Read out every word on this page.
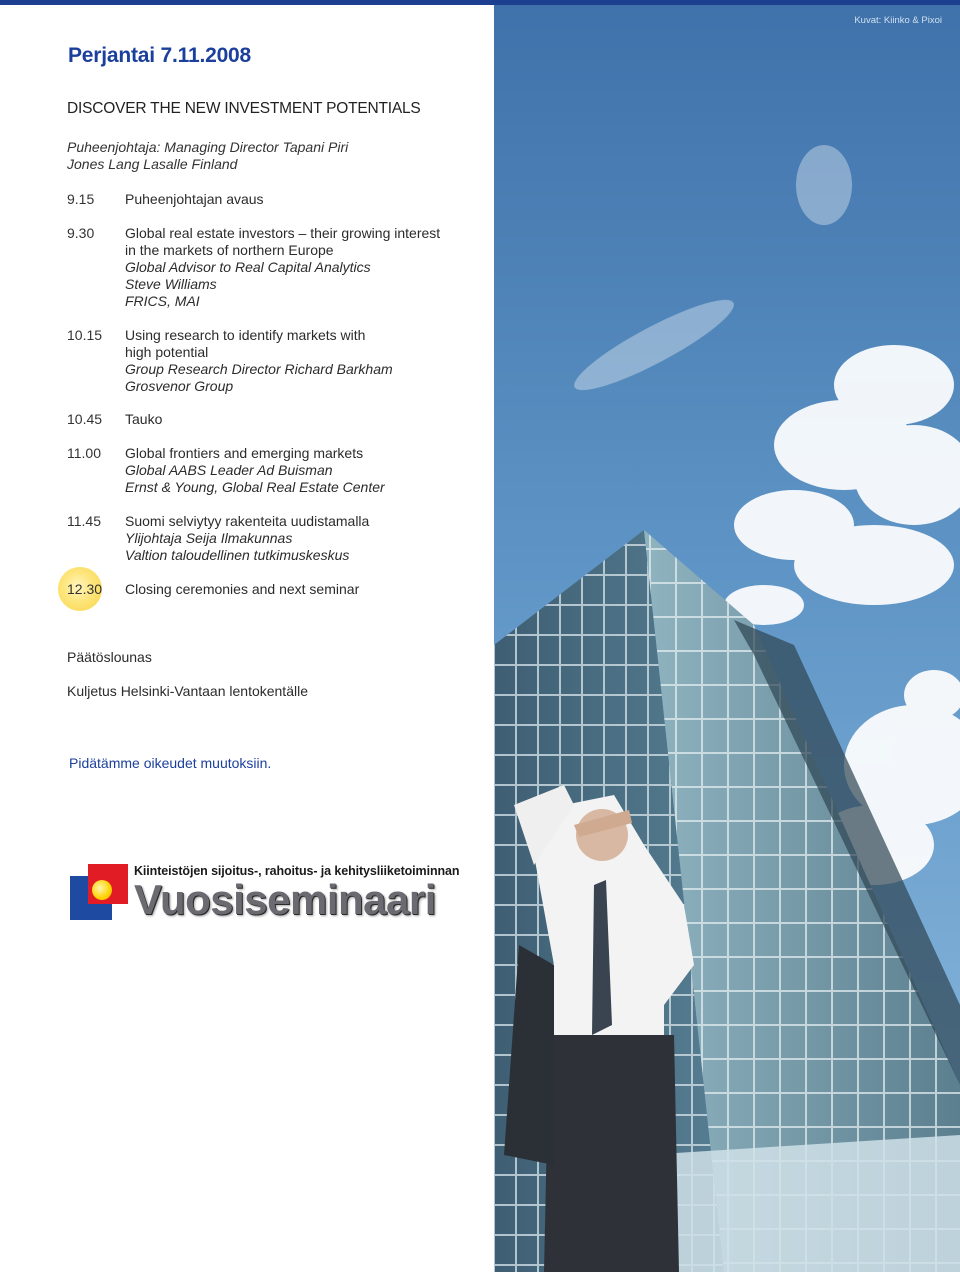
Perjantai 7.11.2008
DISCOVER THE NEW INVESTMENT POTENTIALS
Puheenjohtaja: Managing Director Tapani Piri
Jones Lang Lasalle Finland
9.15	Puheenjohtajan avaus
9.30	Global real estate investors – their growing interest
in the markets of northern Europe
Global Advisor to Real Capital Analytics
Steve Williams
FRICS, MAI
10.15	Using research to identify markets with
high potential
Group Research Director Richard Barkham
Grosvenor Group
10.45	Tauko
11.00	Global frontiers and emerging markets
Global AABS Leader Ad Buisman
Ernst & Young, Global Real Estate Center
11.45	Suomi selviytyy rakenteita uudistamalla
Ylijohtaja Seija Ilmakunnas
Valtion taloudellinen tutkimuskeskus
12.30	Closing ceremonies and next seminar
Päätöslounas
Kuljetus Helsinki-Vantaan lentokentälle
Pidätämme oikeudet muutoksiin.
Kiinteistöjen sijoitus-, rahoitus- ja kehitysliiketoiminnan
Vuosiseminaari
Kuvat: Kiinko & Pixoi
